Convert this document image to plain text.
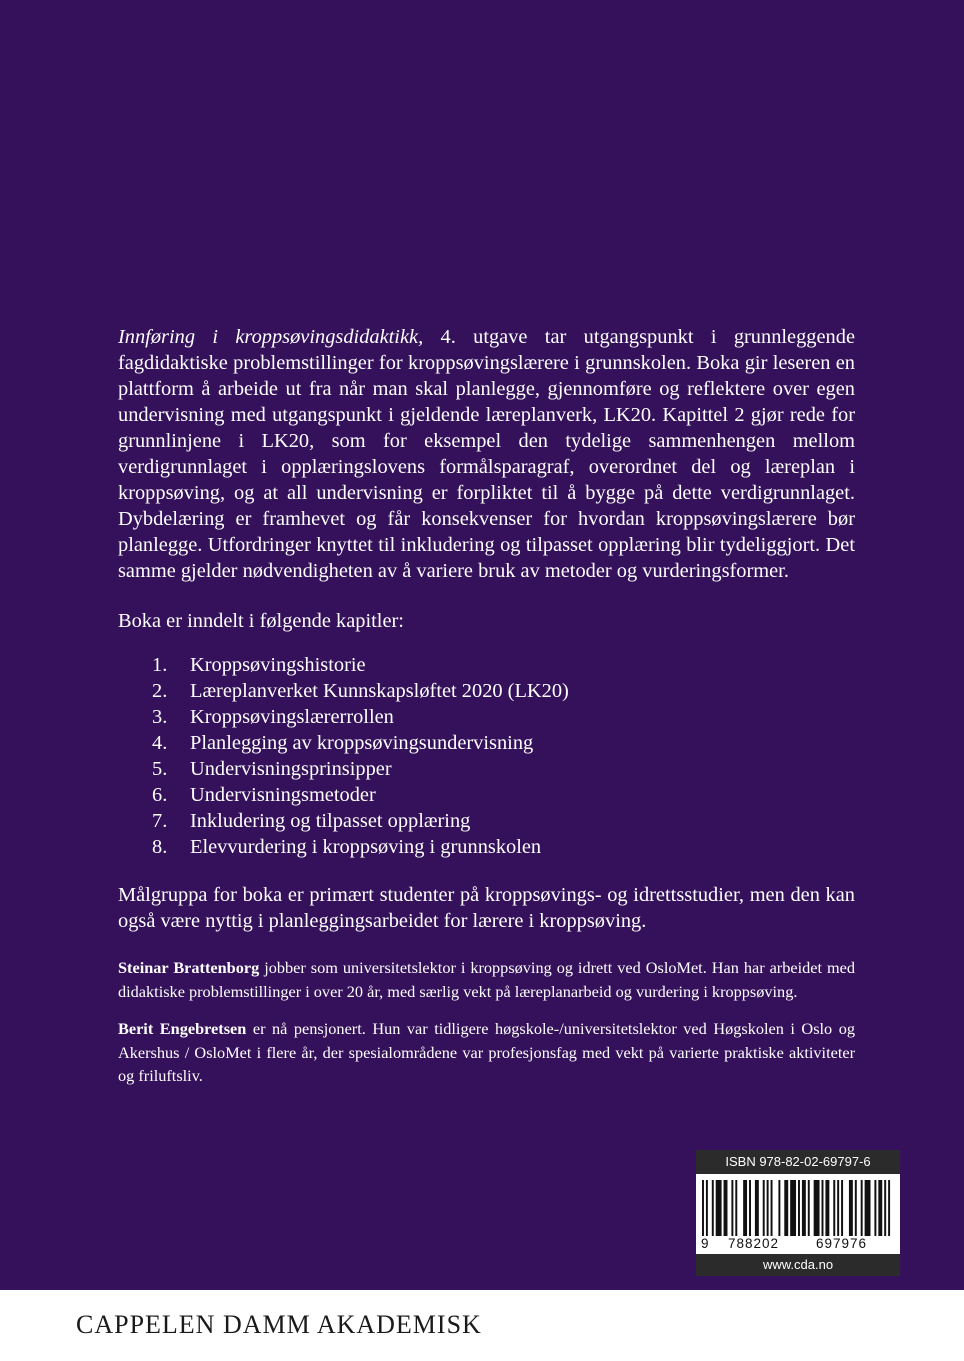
Innføring i kroppsøvingsdidaktikk, 4. utgave tar utgangspunkt i grunnleggende fagdidaktiske problemstillinger for kroppsøvingslærere i grunnskolen. Boka gir leseren en plattform å arbeide ut fra når man skal planlegge, gjennomføre og reflektere over egen undervisning med utgangspunkt i gjeldende læreplanverk, LK20. Kapittel 2 gjør rede for grunnlinjene i LK20, som for eksempel den tydelige sammenhengen mellom verdigrunnlaget i opplæringslovens formålsparagraf, overordnet del og læreplan i kroppsøving, og at all undervisning er forpliktet til å bygge på dette verdigrunnlaget. Dybdelæring er framhevet og får konsekvenser for hvordan kroppsøvingslærere bør planlegge. Utfordringer knyttet til inkludering og tilpasset opplæring blir tydeliggjort. Det samme gjelder nødvendigheten av å variere bruk av metoder og vurderingsformer.

Boka er inndelt i følgende kapitler:

1.	Kroppsøvingshistorie
2.	Læreplanverket Kunnskapsløftet 2020 (LK20)
3.	Kroppsøvingslærerrollen
4.	Planlegging av kroppsøvingsundervisning
5.	Undervisningsprinsipper
6.	Undervisningsmetoder
7.	Inkludering og tilpasset opplæring
8.	Elevvurdering i kroppsøving i grunnskolen

Målgruppa for boka er primært studenter på kroppsøvings- og idrettsstudier, men den kan også være nyttig i planleggingsarbeidet for lærere i kroppsøving.

Steinar Brattenborg jobber som universitetslektor i kroppsøving og idrett ved OsloMet. Han har arbeidet med didaktiske problemstillinger i over 20 år, med særlig vekt på læreplanarbeid og vurdering i kroppsøving.

Berit Engebretsen er nå pensjonert. Hun var tidligere høgskole-/universitetslektor ved Høgskolen i Oslo og Akershus / OsloMet i flere år, der spesialområdene var profesjonsfag med vekt på varierte praktiske aktiviteter og friluftsliv.

ISBN 978-82-02-69797-6
9 788202	697976
www.cda.no
CAPPELEN DAMM AKADEMISK
